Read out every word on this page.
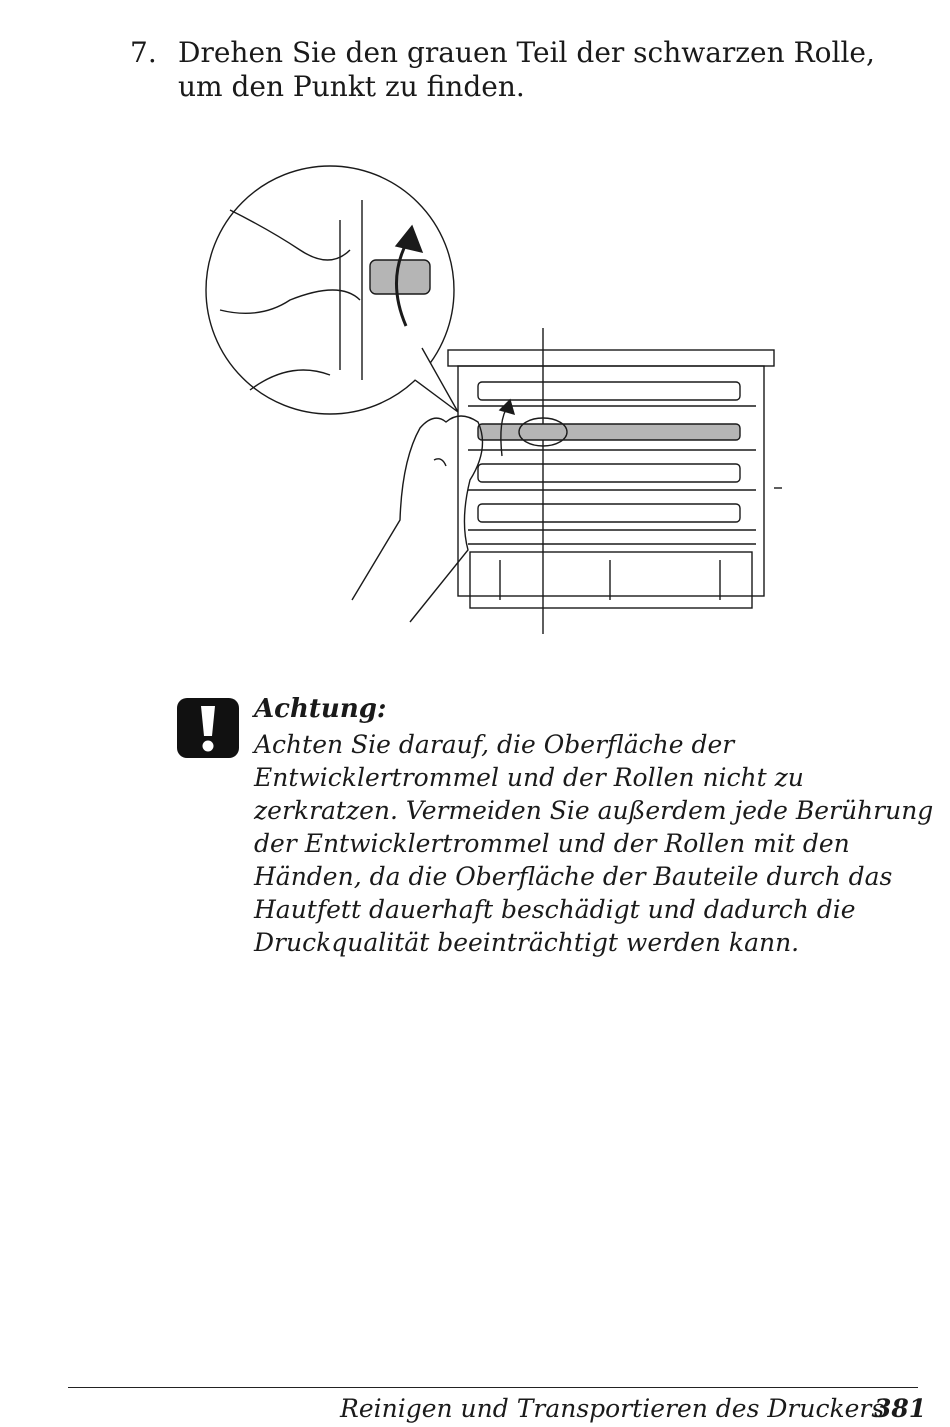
7. Drehen Sie den grauen Teil der schwarzen Rolle, um den Punkt zu finden.
Achtung:
Achten Sie darauf, die Oberfläche der Entwicklertrommel und der Rollen nicht zu zerkratzen. Vermeiden Sie außerdem jede Berührung der Entwicklertrommel und der Rollen mit den Händen, da die Oberfläche der Bauteile durch das Hautfett dauerhaft beschädigt und dadurch die Druckqualität beeinträchtigt werden kann.
Reinigen und Transportieren des Druckers
381
